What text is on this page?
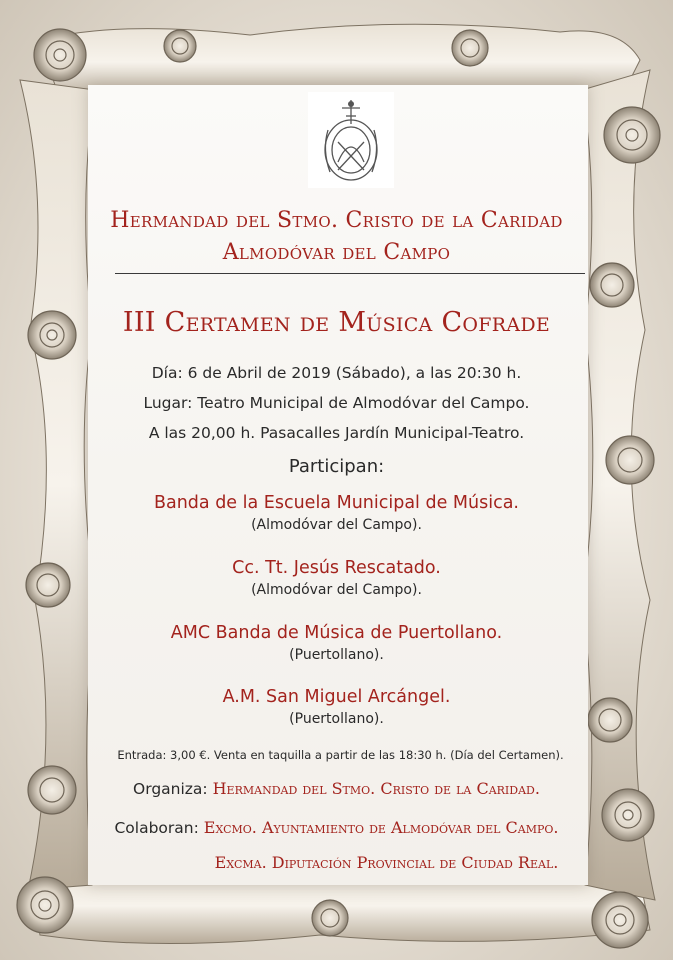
Hermandad del Stmo. Cristo de la Caridad
Almodóvar del Campo
III Certamen de Música Cofrade
Día: 6 de Abril de 2019 (Sábado), a las 20:30 h.
Lugar: Teatro Municipal de Almodóvar del Campo.
A las 20,00 h. Pasacalles Jardín Municipal-Teatro.
Participan:
Banda de la Escuela Municipal de Música.
(Almodóvar del Campo).
Cc. Tt. Jesús Rescatado.
(Almodóvar del Campo).
AMC Banda de Música de Puertollano.
(Puertollano).
A.M. San Miguel Arcángel.
(Puertollano).
Entrada: 3,00 €. Venta en taquilla a partir de las 18:30 h. (Día del Certamen).
Organiza: Hermandad del Stmo. Cristo de la Caridad.
Colaboran: Excmo. Ayuntamiento de Almodóvar del Campo.
Excma. Diputación Provincial de Ciudad Real.
